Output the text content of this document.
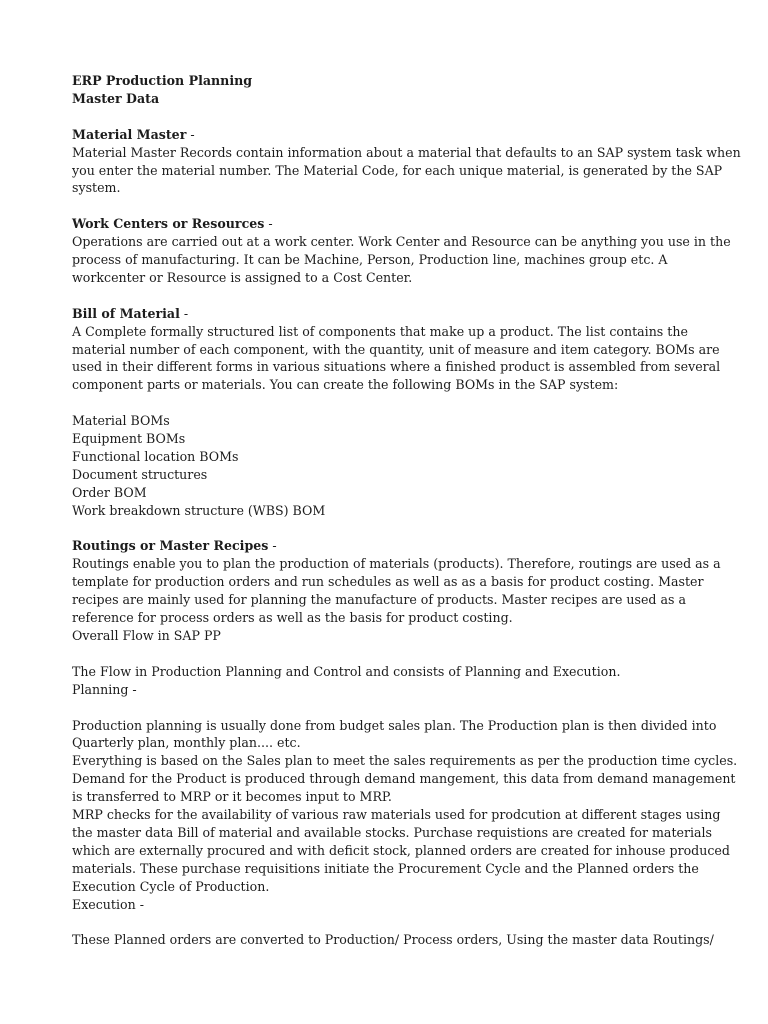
ERP Production Planning
Master Data
Material Master -
Material Master Records contain information about a material that defaults to an SAP system task when
you enter the material number. The Material Code, for each unique material, is generated by the SAP
system.
Work Centers or Resources -
Operations are carried out at a work center. Work Center and Resource can be anything you use in the
process of manufacturing. It can be Machine, Person, Production line, machines group etc. A
workcenter or Resource is assigned to a Cost Center.
Bill of Material -
A Complete formally structured list of components that make up a product. The list contains the
material number of each component, with the quantity, unit of measure and item category. BOMs are
used in their different forms in various situations where a finished product is assembled from several
component parts or materials. You can create the following BOMs in the SAP system:
Material BOMs
Equipment BOMs
Functional location BOMs
Document structures
Order BOM
Work breakdown structure (WBS) BOM
Routings or Master Recipes -
Routings enable you to plan the production of materials (products). Therefore, routings are used as a
template for production orders and run schedules as well as as a basis for product costing. Master
recipes are mainly used for planning the manufacture of products. Master recipes are used as a
reference for process orders as well as the basis for product costing.
Overall Flow in SAP PP
The Flow in Production Planning and Control and consists of Planning and Execution.
Planning -
Production planning is usually done from budget sales plan. The Production plan is then divided into
Quarterly plan, monthly plan.... etc.
Everything is based on the Sales plan to meet the sales requirements as per the production time cycles.
Demand for the Product is produced through demand mangement, this data from demand management
is transferred to MRP or it becomes input to MRP.
MRP checks for the availability of various raw materials used for prodcution at different stages using
the master data Bill of material and available stocks. Purchase requistions are created for materials
which are externally procured and with deficit stock, planned orders are created for inhouse produced
materials. These purchase requisitions initiate the Procurement Cycle and the Planned orders the
Execution Cycle of Production.
Execution -
These Planned orders are converted to Production/ Process orders, Using the master data Routings/
